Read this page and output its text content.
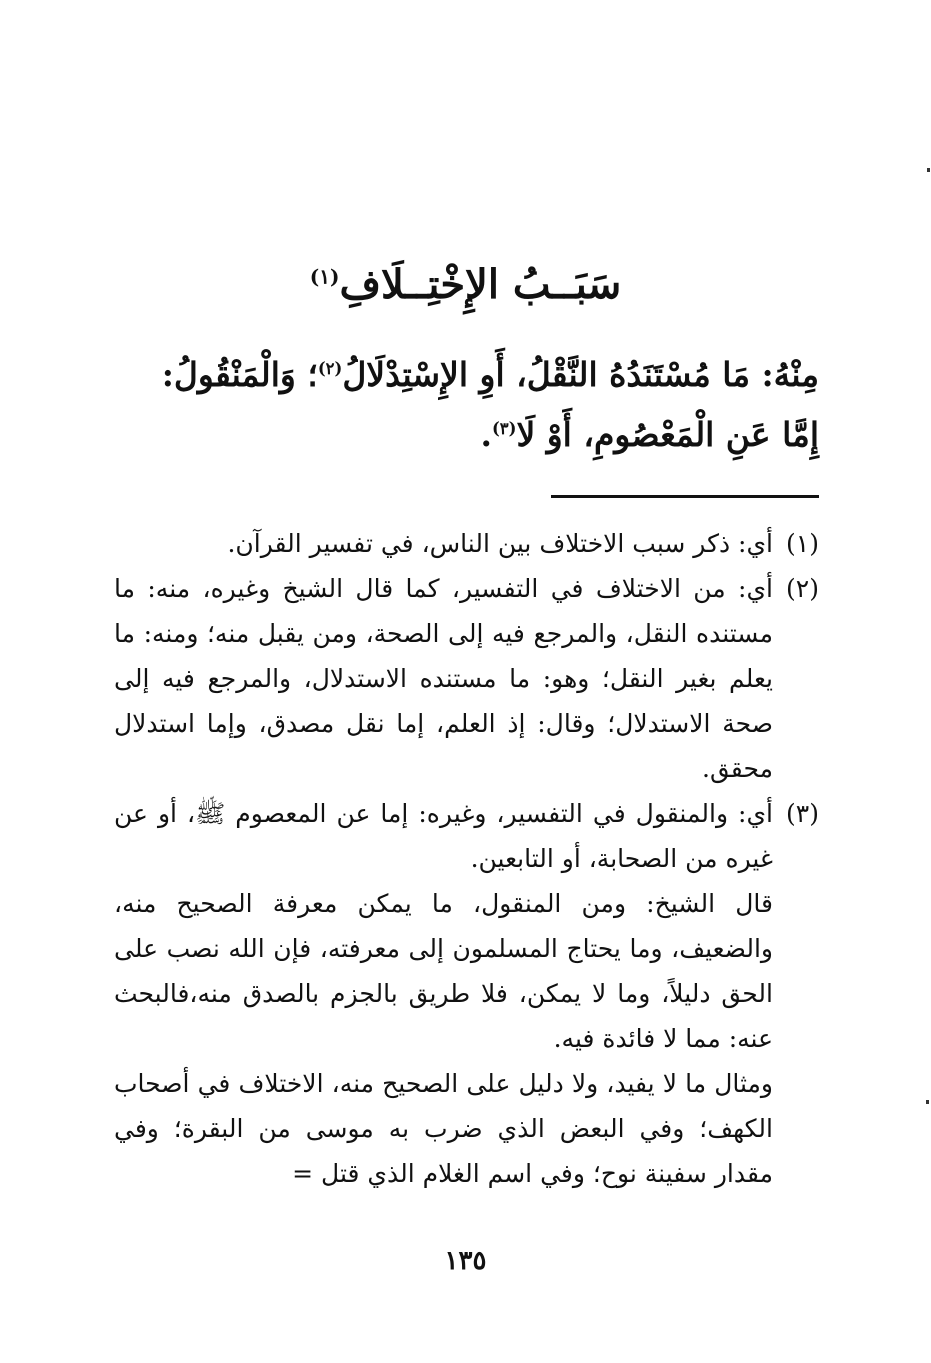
سَبَــبُ الإِخْتِــلَافِ$^{(١)}$

مِنْهُ: مَا مُسْتَنَدُهُ النَّقْلُ، أَوِ الإِسْتِدْلَالُ$^{(٢)}$؛ وَالْمَنْقُولُ:

إِمَّا عَنِ الْمَعْصُومِ، أَوْ لَا$^{(٣)}$.

(١)

أي: ذكر سبب الاختلاف بين الناس، في تفسير القرآن.

(٢)

أي: من الاختلاف في التفسير، كما قال الشيخ وغيره، منه: ما مستنده النقل، والمرجع فيه إلى الصحة، ومن يقبل منه؛ ومنه: ما يعلم بغير النقل؛ وهو: ما مستنده الاستدلال، والمرجع فيه إلى صحة الاستدلال؛ وقال: إذ العلم، إما نقل مصدق، وإما استدلال محقق.

(٣)

أي: والمنقول في التفسير، وغيره: إما عن المعصوم ﷺ، أو عن غيره من الصحابة، أو التابعين.

قال الشيخ: ومن المنقول، ما يمكن معرفة الصحيح منه، والضعيف، وما يحتاج المسلمون إلى معرفته، فإن الله نصب على الحق دليلاً، وما لا يمكن، فلا طريق بالجزم بالصدق منه،فالبحث عنه: مما لا فائدة فيه.

ومثال ما لا يفيد، ولا دليل على الصحيح منه، الاختلاف في أصحاب الكهف؛ وفي البعض الذي ضرب به موسى من البقرة؛ وفي مقدار سفينة نوح؛ وفي اسم الغلام الذي قتل =

١٣٥
